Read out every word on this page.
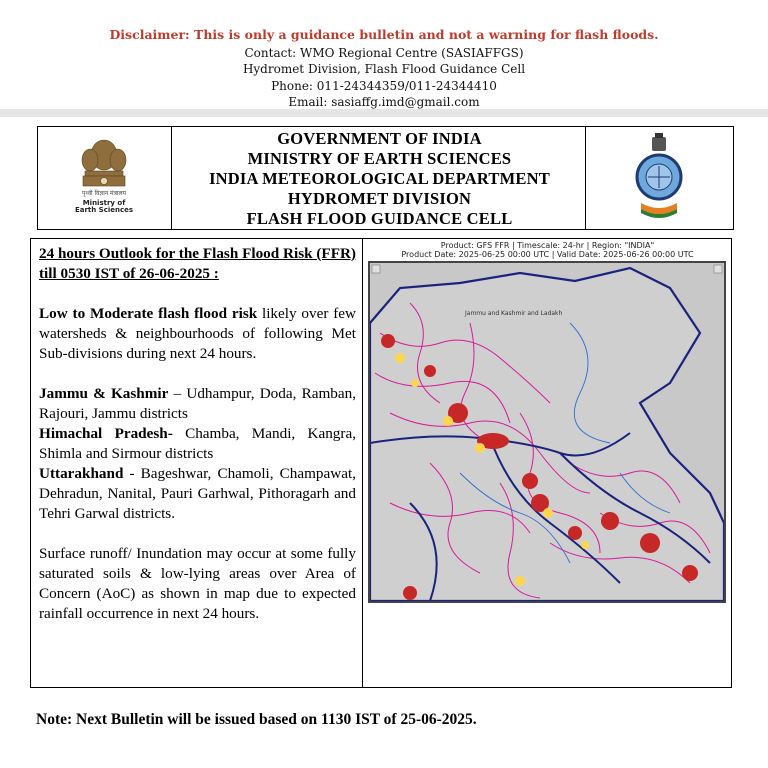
Disclaimer: This is only a guidance bulletin and not a warning for flash floods.
Contact: WMO Regional Centre (SASIAFFGS)
Hydromet Division, Flash Flood Guidance Cell
Phone: 011-24344359/011-24344410
Email: sasiaffg.imd@gmail.com
पृथ्वी विज्ञान मंत्रालय
Ministry of
Earth Sciences
GOVERNMENT OF INDIA
MINISTRY OF EARTH SCIENCES
INDIA METEOROLOGICAL DEPARTMENT
HYDROMET DIVISION
FLASH FLOOD GUIDANCE CELL
24 hours Outlook for the Flash Flood Risk (FFR) till 0530 IST of 26-06-2025 :
Low to Moderate flash flood risk likely over few watersheds & neighbourhoods of following Met Sub-divisions during next 24 hours.
Jammu & Kashmir – Udhampur, Doda, Ramban, Rajouri, Jammu districts
Himachal Pradesh- Chamba, Mandi, Kangra, Shimla and Sirmour districts
Uttarakhand - Bageshwar, Chamoli, Champawat, Dehradun, Nanital, Pauri Garhwal, Pithoragarh and Tehri Garwal districts.
Surface runoff/ Inundation may occur at some fully saturated soils & low-lying areas over Area of Concern (AoC) as shown in map due to expected rainfall occurrence in next 24 hours.
Product: GFS FFR | Timescale: 24-hr | Region: "INDIA"
Product Date: 2025-06-25 00:00 UTC | Valid Date: 2025-06-26 00:00 UTC
Jammu and Kashmir and Ladakh
Note: Next Bulletin will be issued based on 1130 IST of 25-06-2025.
